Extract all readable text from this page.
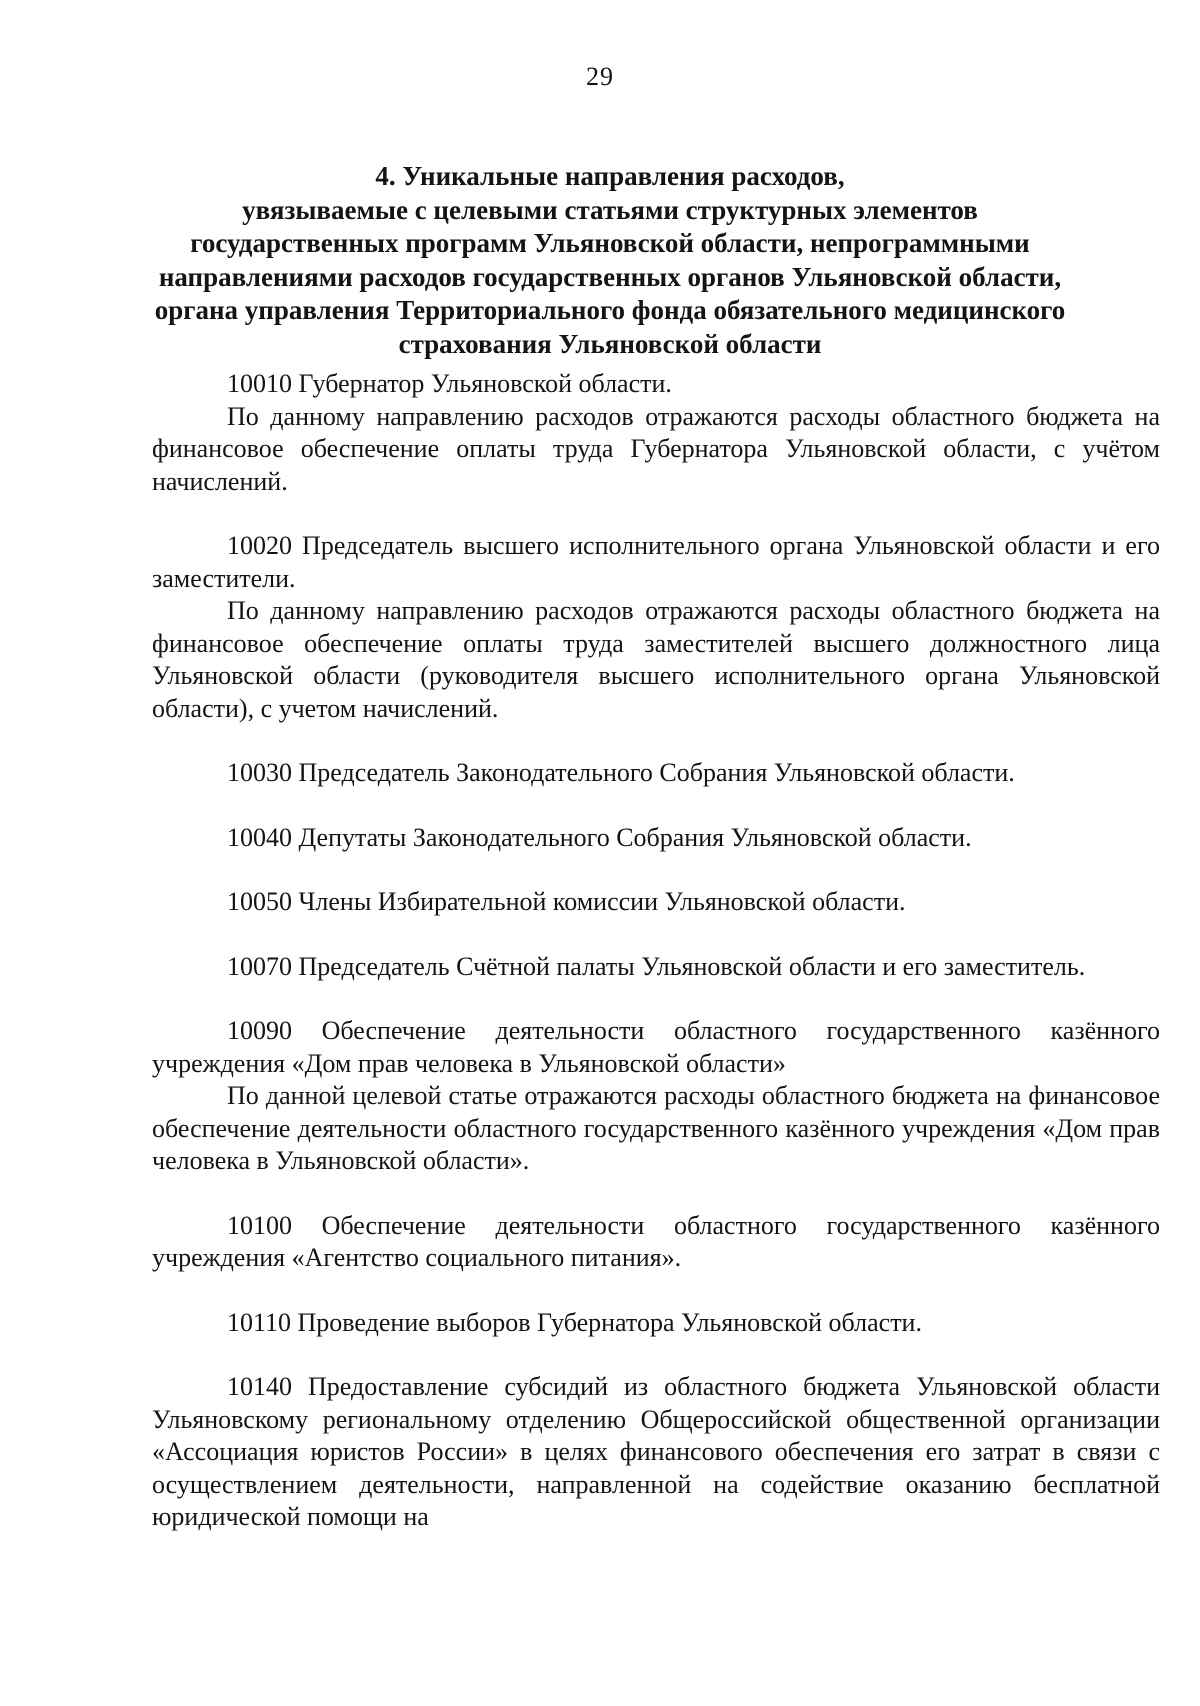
29
4. Уникальные направления расходов,
увязываемые с целевыми статьями структурных элементов
государственных программ Ульяновской области, непрограммными
направлениями расходов государственных органов Ульяновской области,
органа управления Территориального фонда обязательного медицинского
страхования Ульяновской области

10010 Губернатор Ульяновской области.

По данному направлению расходов отражаются расходы областного бюджета на финансовое обеспечение оплаты труда Губернатора Ульяновской области, с учётом начислений.

10020 Председатель высшего исполнительного органа Ульяновской области и его заместители.

По данному направлению расходов отражаются расходы областного бюджета на финансовое обеспечение оплаты труда заместителей высшего должностного лица Ульяновской области (руководителя высшего исполнительного органа Ульяновской области), с учетом начислений.

10030 Председатель Законодательного Собрания Ульяновской области.

10040 Депутаты Законодательного Собрания Ульяновской области.

10050 Члены Избирательной комиссии Ульяновской области.

10070 Председатель Счётной палаты Ульяновской области и его заместитель.

10090 Обеспечение деятельности областного государственного казённого учреждения «Дом прав человека в Ульяновской области»

По данной целевой статье отражаются расходы областного бюджета на финансовое обеспечение деятельности областного государственного казённого учреждения «Дом прав человека в Ульяновской области».

10100 Обеспечение деятельности областного государственного казённого учреждения «Агентство социального питания».

10110 Проведение выборов Губернатора Ульяновской области.

10140 Предоставление субсидий из областного бюджета Ульяновской области Ульяновскому региональному отделению Общероссийской общественной организации «Ассоциация юристов России» в целях финансового обеспечения его затрат в связи с осуществлением деятельности, направленной на содействие оказанию бесплатной юридической помощи на
